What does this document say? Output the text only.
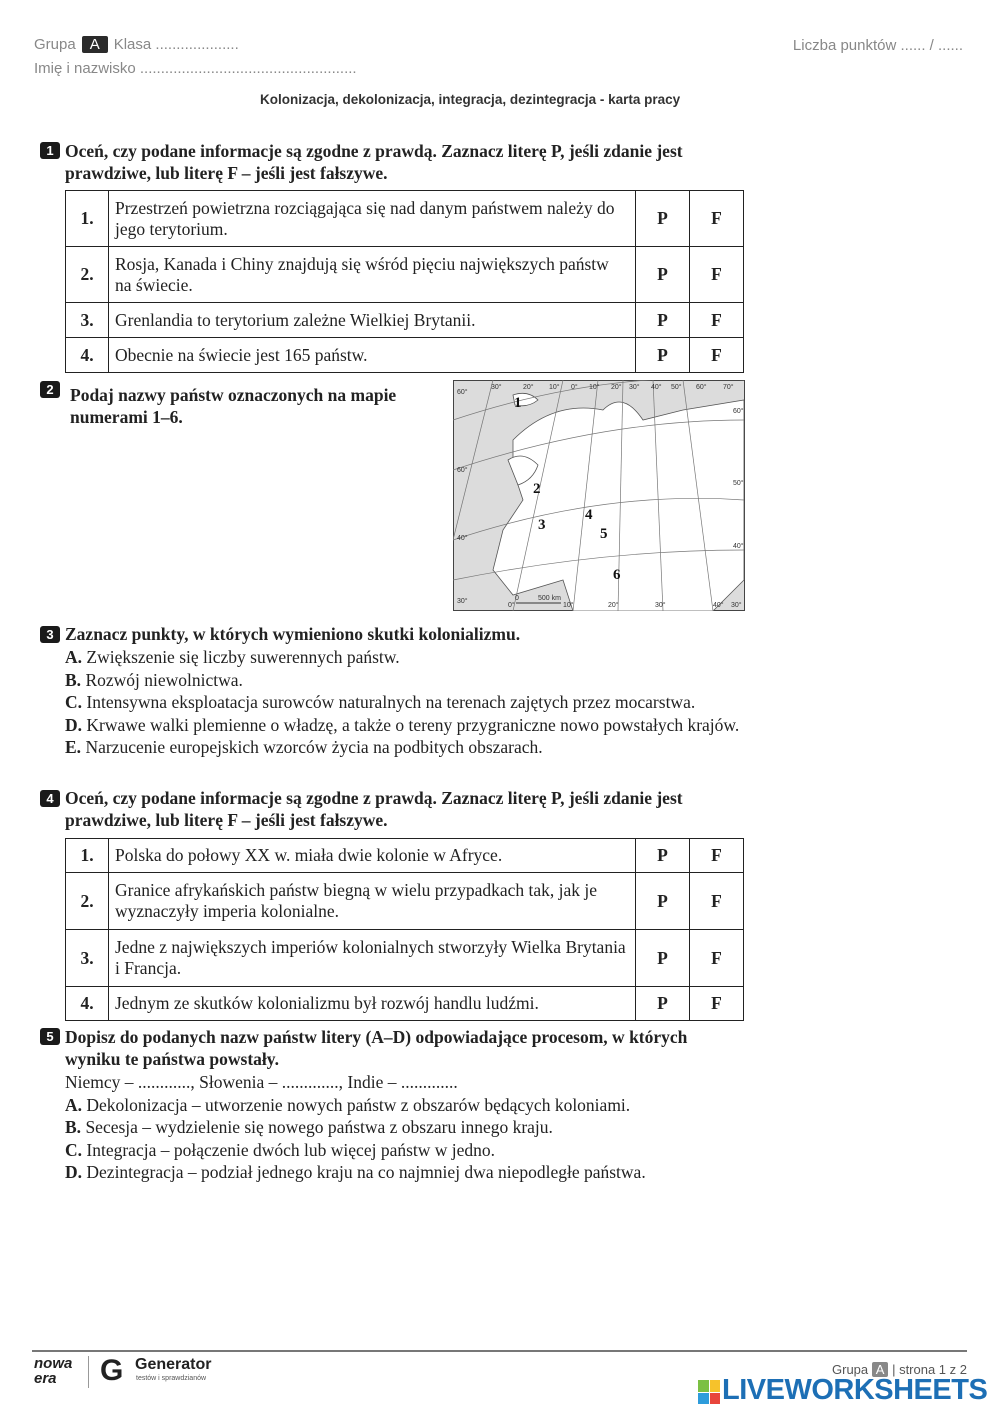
Grupa A Klasa ....................	Liczba punktów ...... / ......
Imię i nazwisko ....................................................
Kolonizacja, dekolonizacja, integracja, dezintegracja - karta pracy
1 Oceń, czy podane informacje są zgodne z prawdą. Zaznacz literę P, jeśli zdanie jest
prawdziwe, lub literę F – jeśli jest fałszywe.
1.	Przestrzeń powietrzna rozciągająca się nad danym państwem należy do jego terytorium.	P	F
2.	Rosja, Kanada i Chiny znajdują się wśród pięciu największych państw na świecie.	P	F
3.	Grenlandia to terytorium zależne Wielkiej Brytanii.	P	F
4.	Obecnie na świecie jest 165 państw.	P	F
2 Podaj nazwy państw oznaczonych na mapie
numerami 1–6.
1
2
3
4
5
6
30°	20° 10° 0° 10° 20° 30° 40° 50° 60° 70°
60°
60°
40°
30°
60°
50°
40°
0°	10°	20°	30°	40° 30°
0	500 km
3 Zaznacz punkty, w których wymieniono skutki kolonializmu.
A. Zwiększenie się liczby suwerennych państw.
B. Rozwój niewolnictwa.
C. Intensywna eksploatacja surowców naturalnych na terenach zajętych przez mocarstwa.
D. Krwawe walki plemienne o władzę, a także o tereny przygraniczne nowo powstałych krajów.
E. Narzucenie europejskich wzorców życia na podbitych obszarach.
4 Oceń, czy podane informacje są zgodne z prawdą. Zaznacz literę P, jeśli zdanie jest
prawdziwe, lub literę F – jeśli jest fałszywe.
1.	Polska do połowy XX w. miała dwie kolonie w Afryce.	P	F
2.	Granice afrykańskich państw biegną w wielu przypadkach tak, jak je wyznaczyły imperia kolonialne.	P	F
3.	Jedne z największych imperiów kolonialnych stworzyły Wielka Brytania i Francja.	P	F
4.	Jednym ze skutków kolonializmu był rozwój handlu ludźmi.	P	F
5 Dopisz do podanych nazw państw litery (A–D) odpowiadające procesom, w których
wyniku te państwa powstały.
Niemcy – ............, Słowenia – ............., Indie – .............
A. Dekolonizacja – utworzenie nowych państw z obszarów będących koloniami.
B. Secesja – wydzielenie się nowego państwa z obszaru innego kraju.
C. Integracja – połączenie dwóch lub więcej państw w jedno.
D. Dezintegracja – podział jednego kraju na co najmniej dwa niepodległe państwa.
nowa
era	G Generator
testów i sprawdzianów
Grupa A | strona 1 z 2
LIVEWORKSHEETS
